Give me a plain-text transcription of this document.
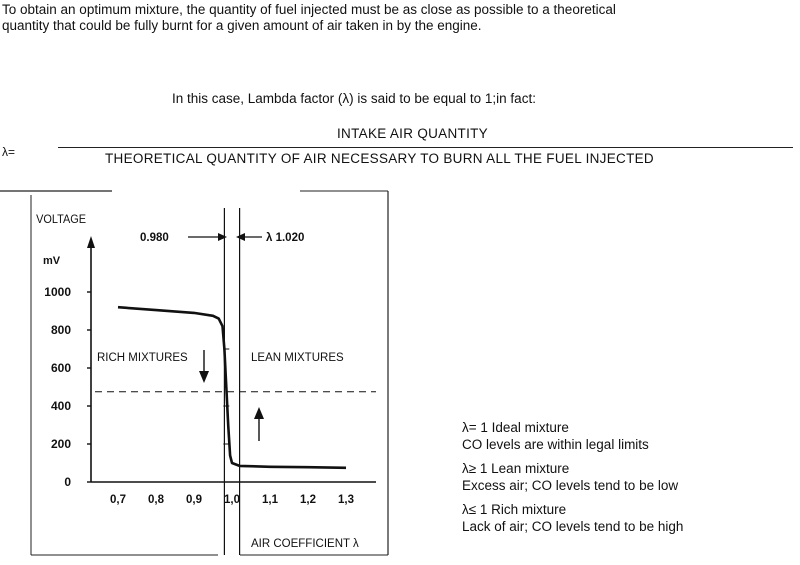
To obtain an optimum mixture, the quantity of fuel injected must be as close as possible to a theoretical
quantity that could be fully burnt for a given amount of air taken in by the engine.
In this case, Lambda factor (λ) is said to be equal to 1;in fact:
λ=
INTAKE AIR QUANTITY
THEORETICAL QUANTITY OF AIR NECESSARY TO BURN ALL THE FUEL INJECTED
VOLTAGE
mV
AIR COEFFICIENT λ
0.980	λ 1.020
RICH MIXTURES	LEAN MIXTURES
0
200
400
600
800
1000
0,7 0,8 0,9 1,0 1,1 1,2 1,3
λ= 1 Ideal mixture
CO levels are within legal limits
λ≥ 1 Lean mixture
Excess air; CO levels tend to be low
λ≤ 1 Rich mixture
Lack of air; CO levels tend to be high
